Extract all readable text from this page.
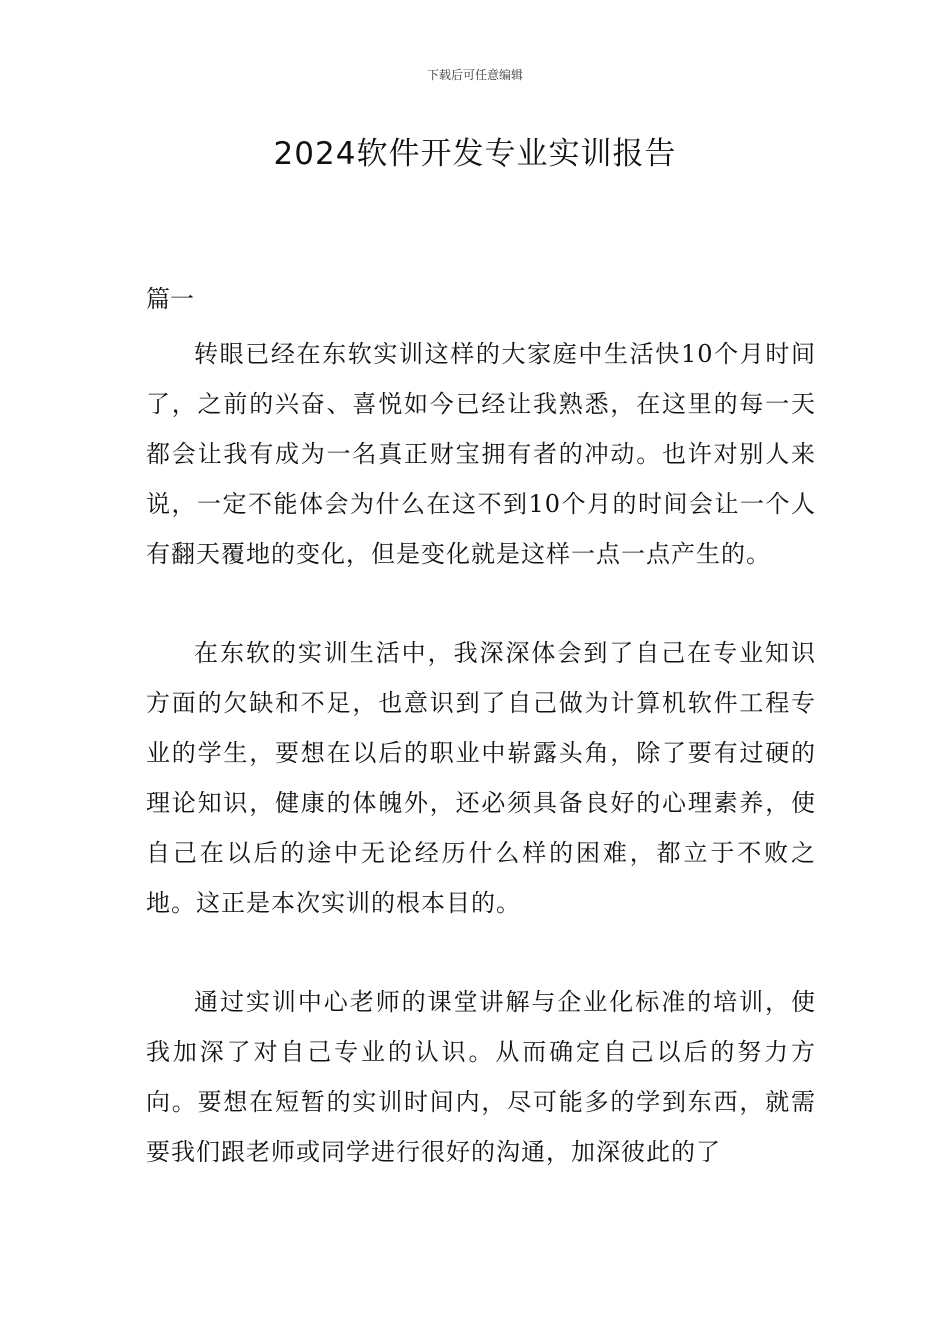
下载后可任意编辑
2024软件开发专业实训报告
篇一

转眼已经在东软实训这样的大家庭中生活快10个月时间了，之前的兴奋、喜悦如今已经让我熟悉，在这里的每一天都会让我有成为一名真正财宝拥有者的冲动。也许对别人来说，一定不能体会为什么在这不到10个月的时间会让一个人有翻天覆地的变化，但是变化就是这样一点一点产生的。

在东软的实训生活中，我深深体会到了自己在专业知识方面的欠缺和不足，也意识到了自己做为计算机软件工程专业的学生，要想在以后的职业中崭露头角，除了要有过硬的理论知识，健康的体魄外，还必须具备良好的心理素养，使自己在以后的途中无论经历什么样的困难，都立于不败之地。这正是本次实训的根本目的。

通过实训中心老师的课堂讲解与企业化标准的培训，使我加深了对自己专业的认识。从而确定自己以后的努力方向。要想在短暂的实训时间内，尽可能多的学到东西，就需要我们跟老师或同学进行很好的沟通，加深彼此的了
